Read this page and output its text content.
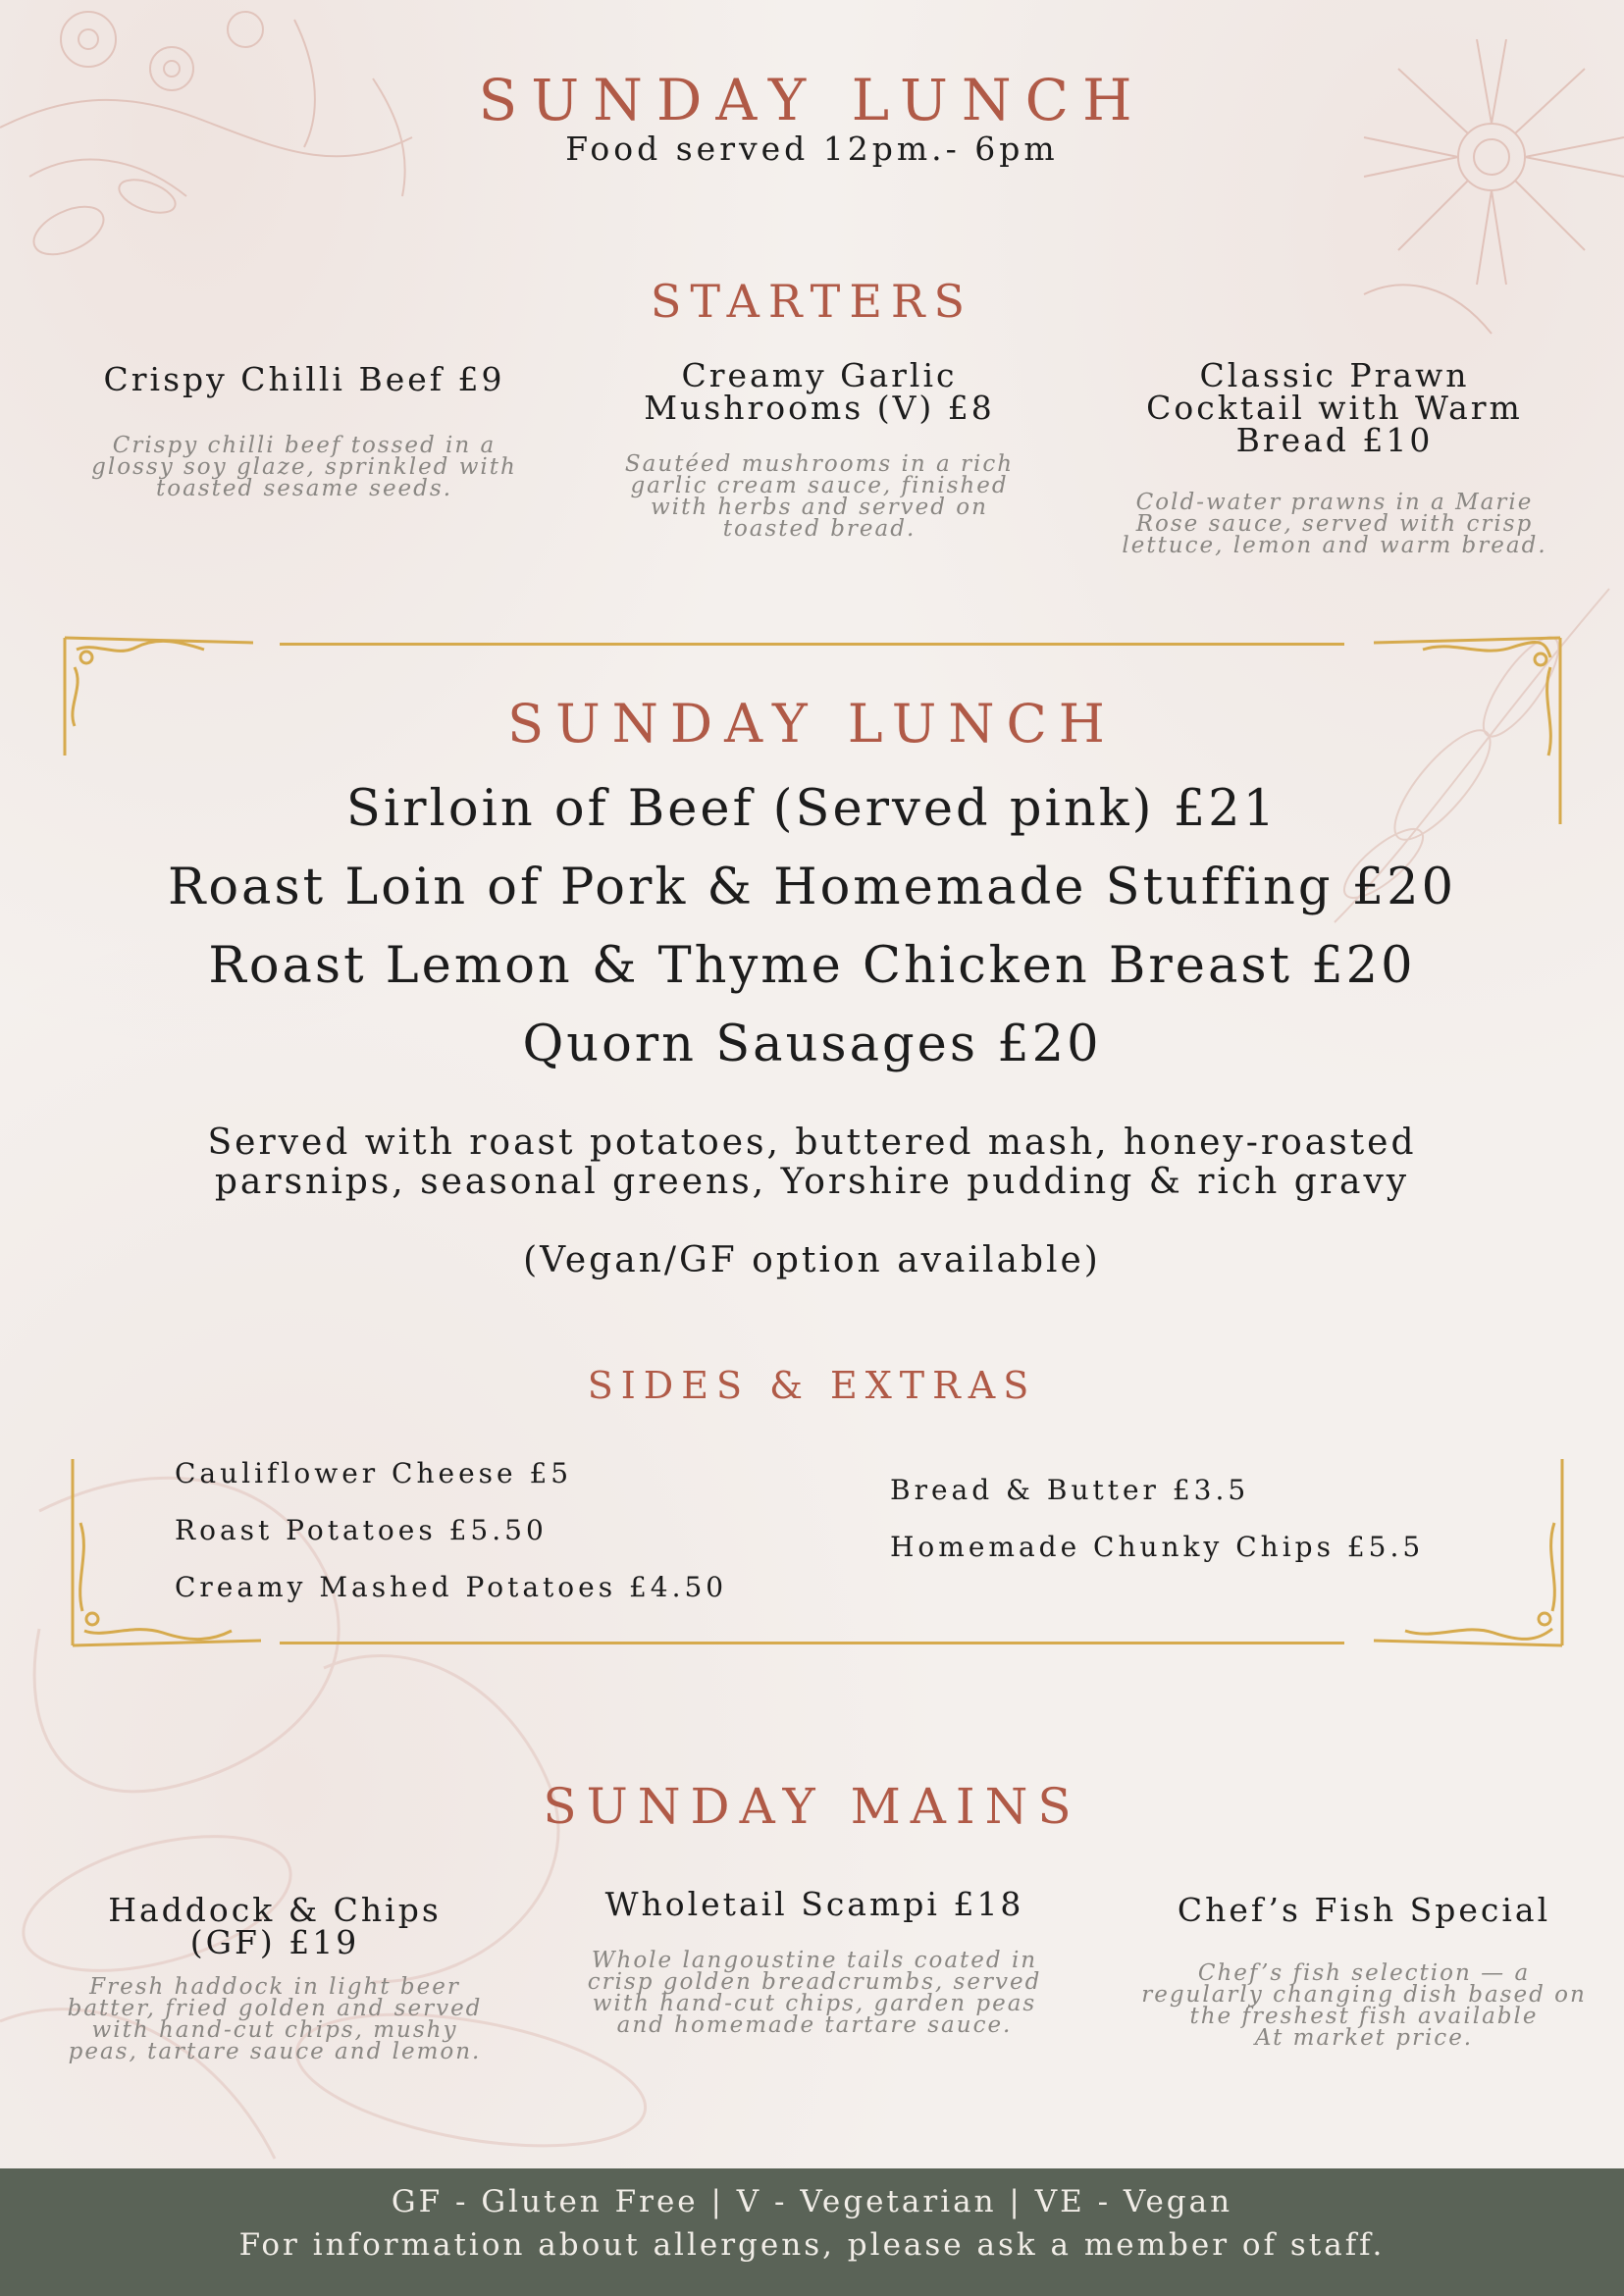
SUNDAY LUNCH
Food served 12pm.- 6pm
STARTERS
Crispy Chilli Beef £9
Crispy chilli beef tossed in a glossy soy glaze, sprinkled with toasted sesame seeds.
Creamy Garlic Mushrooms (V) £8
Sautéed mushrooms in a rich garlic cream sauce, finished with herbs and served on toasted bread.
Classic Prawn Cocktail with Warm Bread £10
Cold-water prawns in a Marie Rose sauce, served with crisp lettuce, lemon and warm bread.
SUNDAY LUNCH
Sirloin of Beef (Served pink) £21
Roast Loin of Pork & Homemade Stuffing £20
Roast Lemon & Thyme Chicken Breast £20
Quorn Sausages £20
Served with roast potatoes, buttered mash, honey-roasted
parsnips, seasonal greens, Yorshire pudding & rich gravy
(Vegan/GF option available)
SIDES & EXTRAS
Cauliflower Cheese £5
Roast Potatoes £5.50
Creamy Mashed Potatoes £4.50
Bread & Butter £3.5
Homemade Chunky Chips £5.5
SUNDAY MAINS
Haddock & Chips (GF) £19
Fresh haddock in light beer batter, fried golden and served with hand-cut chips, mushy peas, tartare sauce and lemon.
Wholetail Scampi £18
Whole langoustine tails coated in crisp golden breadcrumbs, served with hand-cut chips, garden peas and homemade tartare sauce.
Chef’s Fish Special
Chef’s fish selection — a regularly changing dish based on the freshest fish available
At market price.
GF - Gluten Free | V - Vegetarian | VE - Vegan
For information about allergens, please ask a member of staff.
